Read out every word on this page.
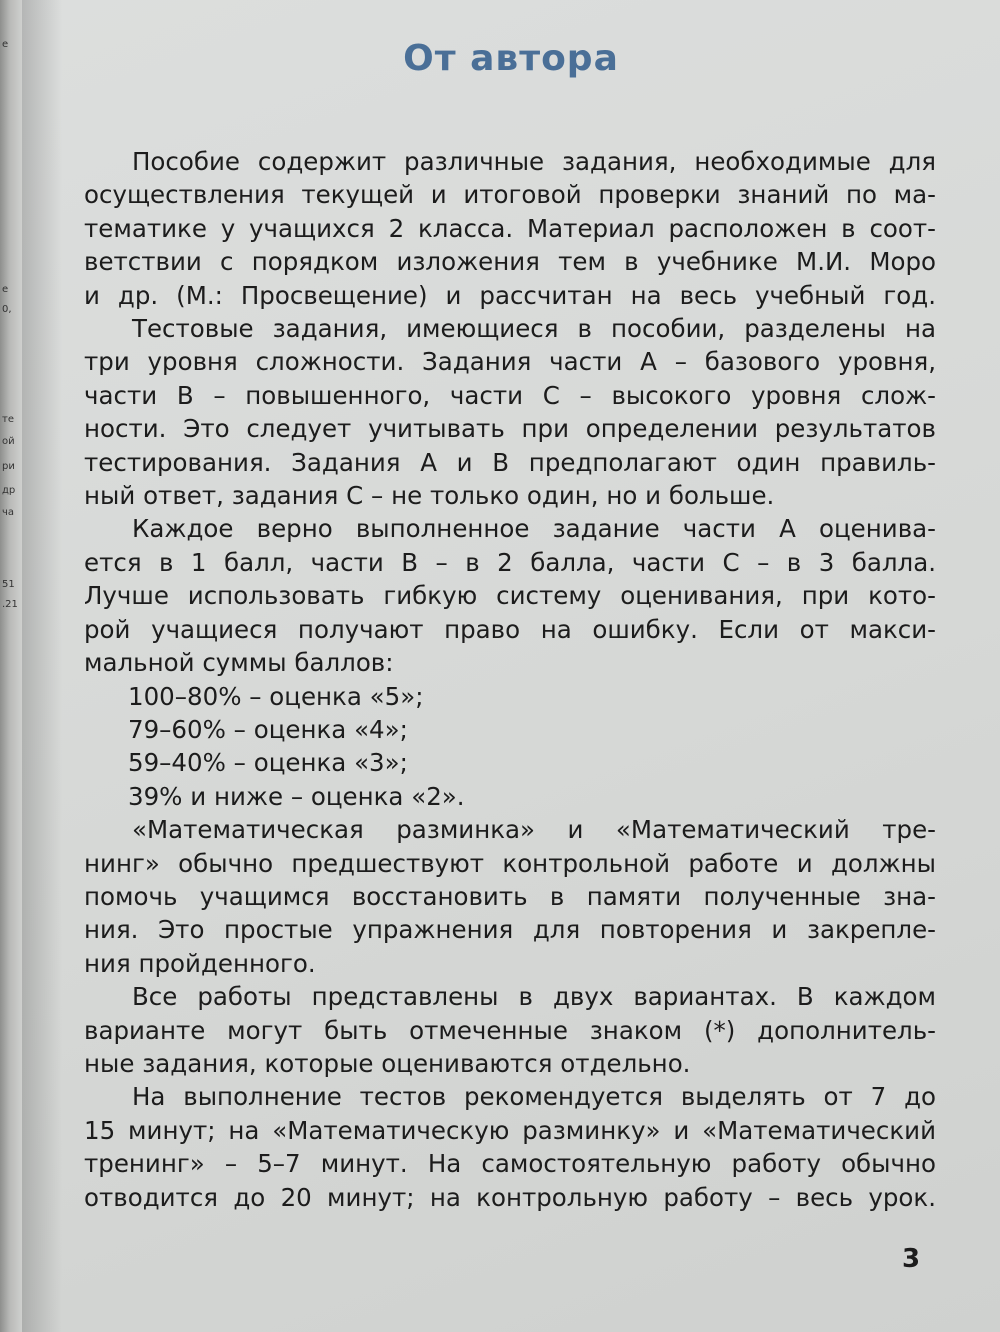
е
е
0,
те
ой
ри
др
ча
51
.21
От автора
Пособие содержит различные задания, необходимые для
осуществления текущей и итоговой проверки знаний по ма-
тематике у учащихся 2 класса. Материал расположен в соот-
ветствии с порядком изложения тем в учебнике М.И. Моро
и др. (М.: Просвещение) и рассчитан на весь учебный год.
Тестовые задания, имеющиеся в пособии, разделены на
три уровня сложности. Задания части А – базового уровня,
части В – повышенного, части С – высокого уровня слож-
ности. Это следует учитывать при определении результатов
тестирования. Задания А и В предполагают один правиль-
ный ответ, задания С – не только один, но и больше.
Каждое верно выполненное задание части А оценива-
ется в 1 балл, части В – в 2 балла, части С – в 3 балла.
Лучше использовать гибкую систему оценивания, при кото-
рой учащиеся получают право на ошибку. Если от макси-
мальной суммы баллов:
100–80% – оценка «5»;
79–60% – оценка «4»;
59–40% – оценка «3»;
39% и ниже – оценка «2».
«Математическая разминка» и «Математический тре-
нинг» обычно предшествуют контрольной работе и должны
помочь учащимся восстановить в памяти полученные зна-
ния. Это простые упражнения для повторения и закрепле-
ния пройденного.
Все работы представлены в двух вариантах. В каждом
варианте могут быть отмеченные знаком (*) дополнитель-
ные задания, которые оцениваются отдельно.
На выполнение тестов рекомендуется выделять от 7 до
15 минут; на «Математическую разминку» и «Математический
тренинг» – 5–7 минут. На самостоятельную работу обычно
отводится до 20 минут; на контрольную работу – весь урок.
3
